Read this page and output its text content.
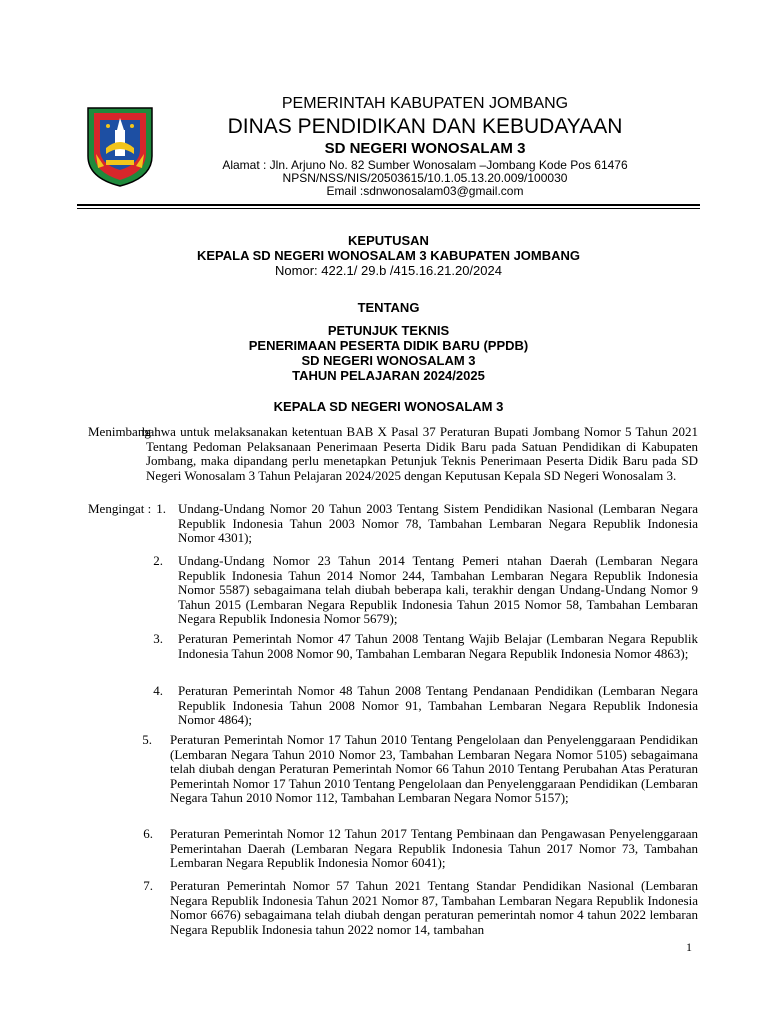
PEMERINTAH KABUPATEN JOMBANG
DINAS PENDIDIKAN DAN KEBUDAYAAN
SD NEGERI WONOSALAM 3
Alamat : Jln. Arjuno No. 82 Sumber Wonosalam –Jombang Kode Pos 61476
NPSN/NSS/NIS/20503615/10.1.05.13.20.009/100030
Email :sdnwonosalam03@gmail.com
KEPUTUSAN
KEPALA SD NEGERI WONOSALAM 3 KABUPATEN JOMBANG
Nomor: 422.1/ 29.b /415.16.21.20/2024
TENTANG
PETUNJUK TEKNIS
PENERIMAAN PESERTA DIDIK BARU (PPDB)
SD NEGERI WONOSALAM 3
TAHUN PELAJARAN 2024/2025
KEPALA SD NEGERI WONOSALAM 3
Menimbang :
bahwa untuk melaksanakan ketentuan BAB X Pasal 37 Peraturan Bupati Jombang Nomor 5 Tahun 2021 Tentang Pedoman Pelaksanaan Penerimaan Peserta Didik Baru pada Satuan Pendidikan di Kabupaten Jombang, maka dipandang perlu menetapkan Petunjuk Teknis Penerimaan Peserta Didik Baru pada SD Negeri Wonosalam 3 Tahun Pelajaran 2024/2025 dengan Keputusan Kepala SD Negeri Wonosalam 3.
Mengingat : 1. Undang-Undang Nomor 20 Tahun 2003 Tentang Sistem Pendidikan Nasional (Lembaran Negara Republik Indonesia Tahun 2003 Nomor 78, Tambahan Lembaran Negara Republik Indonesia Nomor 4301);
2. Undang-Undang Nomor 23 Tahun 2014 Tentang Pemeri ntahan Daerah (Lembaran Negara Republik Indonesia Tahun 2014 Nomor 244, Tambahan Lembaran Negara Republik Indonesia Nomor 5587) sebagaimana telah diubah beberapa kali, terakhir dengan Undang-Undang Nomor 9 Tahun 2015 (Lembaran Negara Republik Indonesia Tahun 2015 Nomor 58, Tambahan Lembaran Negara Republik Indonesia Nomor 5679);
3. Peraturan Pemerintah Nomor 47 Tahun 2008 Tentang Wajib Belajar (Lembaran Negara Republik Indonesia Tahun 2008 Nomor 90, Tambahan Lembaran Negara Republik Indonesia Nomor 4863);
4. Peraturan Pemerintah Nomor 48 Tahun 2008 Tentang Pendanaan Pendidikan (Lembaran Negara Republik Indonesia Tahun 2008 Nomor 91, Tambahan Lembaran Negara Republik Indonesia Nomor 4864);
5. Peraturan Pemerintah Nomor 17 Tahun 2010 Tentang Pengelolaan dan Penyelenggaraan Pendidikan (Lembaran Negara Tahun 2010 Nomor 23, Tambahan Lembaran Negara Nomor 5105) sebagaimana telah diubah dengan Peraturan Pemerintah Nomor 66 Tahun 2010 Tentang Perubahan Atas Peraturan Pemerintah Nomor 17 Tahun 2010 Tentang Pengelolaan dan Penyelenggaraan Pendidikan (Lembaran Negara Tahun 2010 Nomor 112, Tambahan Lembaran Negara Nomor 5157);
6. Peraturan Pemerintah Nomor 12 Tahun 2017 Tentang Pembinaan dan Pengawasan Penyelenggaraan Pemerintahan Daerah (Lembaran Negara Republik Indonesia Tahun 2017 Nomor 73, Tambahan Lembaran Negara Republik Indonesia Nomor 6041);
7. Peraturan Pemerintah Nomor 57 Tahun 2021 Tentang Standar Pendidikan Nasional (Lembaran Negara Republik Indonesia Tahun 2021 Nomor 87, Tambahan Lembaran Negara Republik Indonesia Nomor 6676) sebagaimana telah diubah dengan peraturan pemerintah nomor 4 tahun 2022 lembaran Negara Republik Indonesia tahun 2022 nomor 14, tambahan
1
